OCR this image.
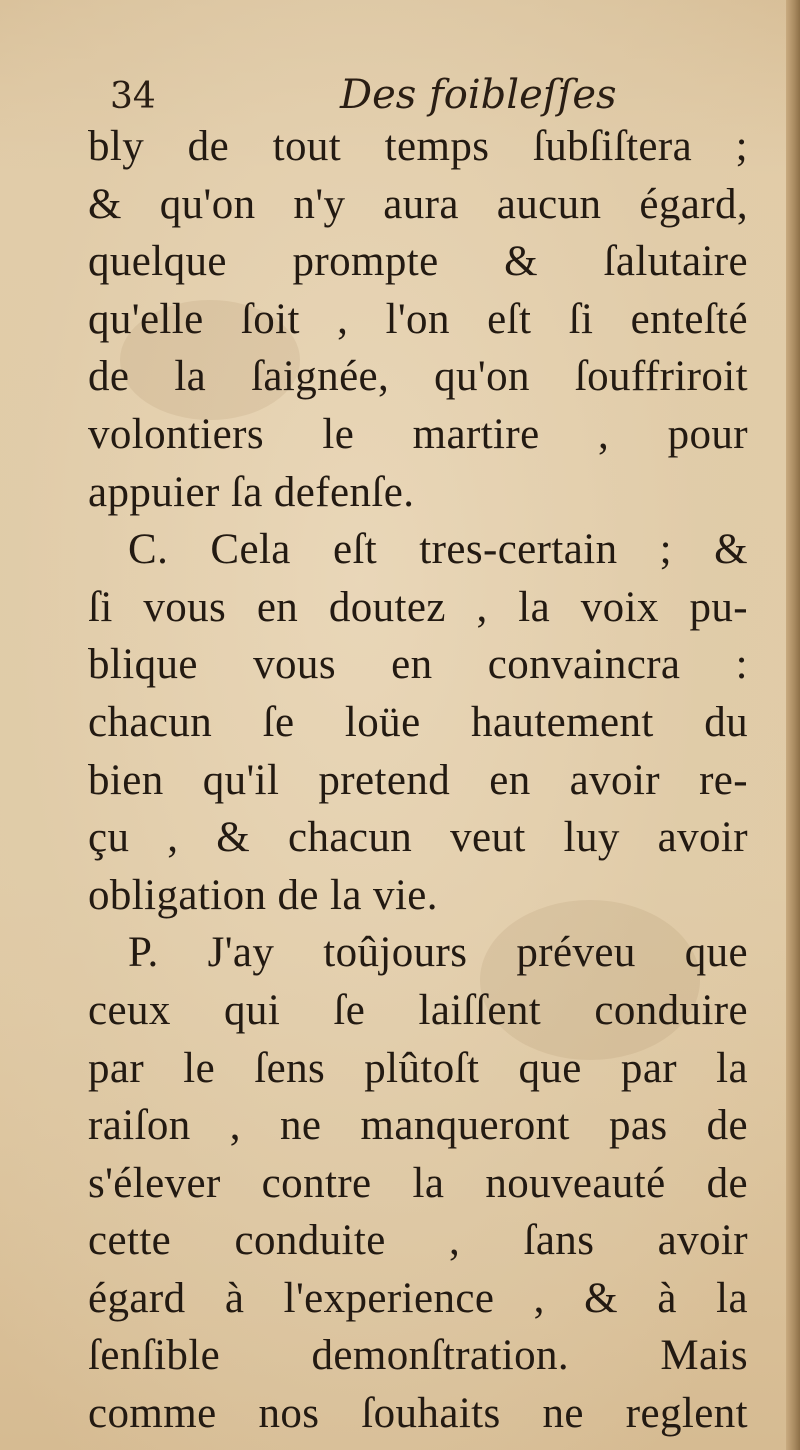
34	Des foibleſſes
bly de tout temps ſubſiſtera ;
& qu'on n'y aura aucun égard,
quelque prompte & ſalutaire
qu'elle ſoit , l'on eſt ſi enteſté
de la ſaignée, qu'on ſouffriroit
volontiers le martire , pour
appuier ſa defenſe.
C. Cela eſt tres-certain ; &
ſi vous en doutez , la voix pu-
blique vous en convaincra :
chacun ſe loüe hautement du
bien qu'il pretend en avoir re-
çu , & chacun veut luy avoir
obligation de la vie.
P. J'ay toûjours préveu que
ceux qui ſe laiſſent conduire
par le ſens plûtoſt que par la
raiſon , ne manqueront pas de
s'élever contre la nouveauté de
cette conduite , ſans avoir
égard à l'experience , & à la
ſenſible demonſtration. Mais
comme nos ſouhaits ne reglent
